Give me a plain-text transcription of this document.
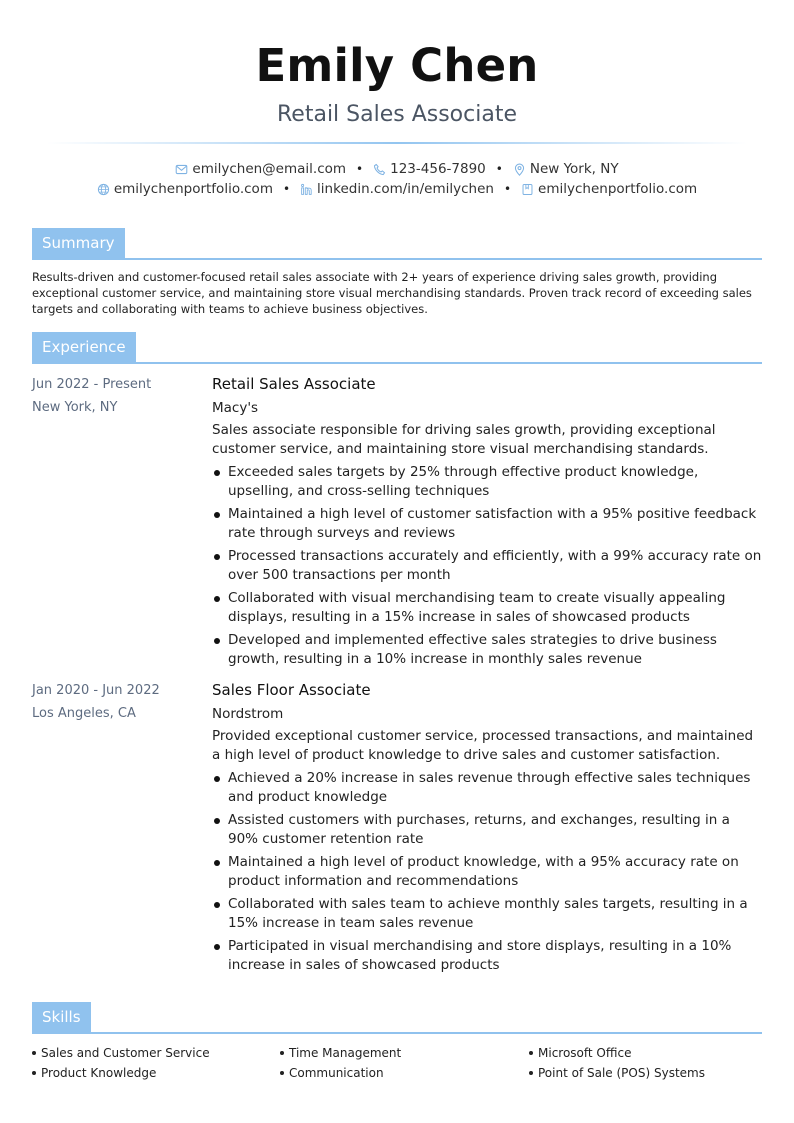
Emily Chen
Retail Sales Associate
emilychen@email.com • 123-456-7890 • New York, NY
emilychenportfolio.com • linkedin.com/in/emilychen • emilychenportfolio.com
Summary
Results-driven and customer-focused retail sales associate with 2+ years of experience driving sales growth, providing exceptional customer service, and maintaining store visual merchandising standards. Proven track record of exceeding sales targets and collaborating with teams to achieve business objectives.
Experience
Jun 2022 - Present
New York, NY
Retail Sales Associate
Macy's
Sales associate responsible for driving sales growth, providing exceptional customer service, and maintaining store visual merchandising standards.
Exceeded sales targets by 25% through effective product knowledge, upselling, and cross-selling techniques
Maintained a high level of customer satisfaction with a 95% positive feedback rate through surveys and reviews
Processed transactions accurately and efficiently, with a 99% accuracy rate on over 500 transactions per month
Collaborated with visual merchandising team to create visually appealing displays, resulting in a 15% increase in sales of showcased products
Developed and implemented effective sales strategies to drive business growth, resulting in a 10% increase in monthly sales revenue
Jan 2020 - Jun 2022
Los Angeles, CA
Sales Floor Associate
Nordstrom
Provided exceptional customer service, processed transactions, and maintained a high level of product knowledge to drive sales and customer satisfaction.
Achieved a 20% increase in sales revenue through effective sales techniques and product knowledge
Assisted customers with purchases, returns, and exchanges, resulting in a 90% customer retention rate
Maintained a high level of product knowledge, with a 95% accuracy rate on product information and recommendations
Collaborated with sales team to achieve monthly sales targets, resulting in a 15% increase in team sales revenue
Participated in visual merchandising and store displays, resulting in a 10% increase in sales of showcased products
Skills
Sales and Customer Service	Time Management	Microsoft Office
Product Knowledge	Communication	Point of Sale (POS) Systems
